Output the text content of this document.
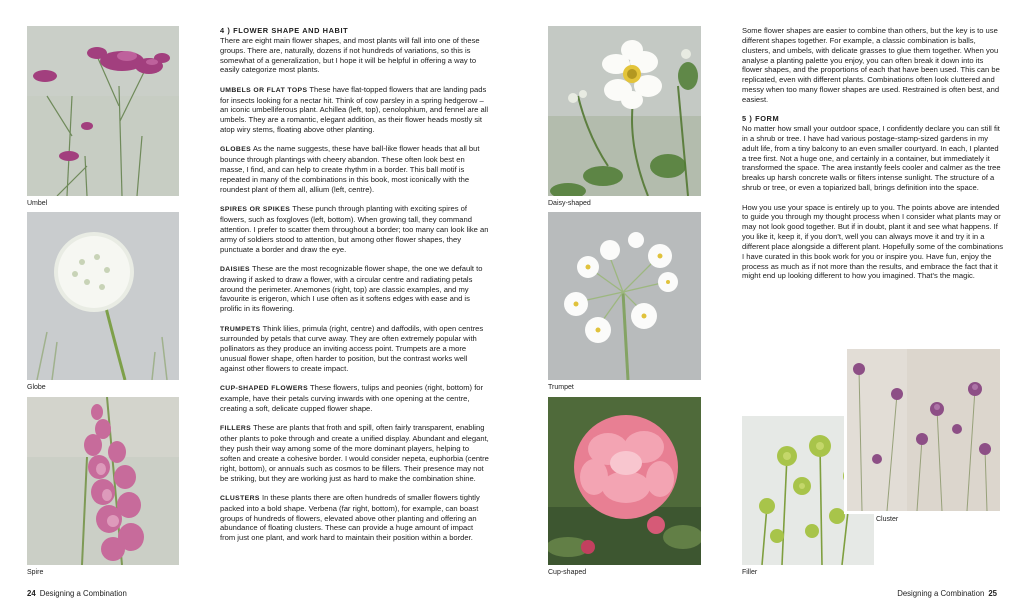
Umbel
Globe
Spire

4 ) FLOWER SHAPE AND HABIT
There are eight main flower shapes, and most plants will fall into one of these groups. There are, naturally, dozens if not hundreds of variations, so this is somewhat of a generalization, but I hope it will be helpful in offering a way to easily categorize most plants.

UMBELS OR FLAT TOPS These have flat-topped flowers that are landing pads for insects looking for a nectar hit. Think of cow parsley in a spring hedgerow – an iconic umbelliferous plant. Achillea (left, top), cenolophium, and fennel are all umbels. They are a romantic, elegant addition, as their flower heads mostly sit atop wiry stems, floating above other planting.

GLOBES As the name suggests, these have ball-like flower heads that all but bounce through plantings with cheery abandon. These often look best en masse, I find, and can help to create rhythm in a border. This ball motif is repeated in many of the combinations in this book, most iconically with the roundest plant of them all, allium (left, centre).

SPIRES OR SPIKES These punch through planting with exciting spires of flowers, such as foxgloves (left, bottom). When growing tall, they command attention. I prefer to scatter them throughout a border; too many can look like an army of soldiers stood to attention, but among other flower shapes, they punctuate a border and draw the eye.

DAISIES These are the most recognizable flower shape, the one we default to drawing if asked to draw a flower, with a circular centre and radiating petals around the perimeter. Anemones (right, top) are classic examples, and my favourite is erigeron, which I use often as it softens edges with ease and is prolific in its flowering.

TRUMPETS Think lilies, primula (right, centre) and daffodils, with open centres surrounded by petals that curve away. They are often extremely popular with pollinators as they produce an inviting access point. Trumpets are a more unusual flower shape, often harder to position, but the contrast works well against other flowers to create impact.

CUP-SHAPED FLOWERS These flowers, tulips and peonies (right, bottom) for example, have their petals curving inwards with one opening at the centre, creating a soft, delicate cupped flower shape.

FILLERS These are plants that froth and spill, often fairly transparent, enabling other plants to poke through and create a unified display. Abundant and elegant, they push their way among some of the more dominant players, helping to soften and create a cohesive border. I would consider nepeta, euphorbia (centre right, bottom), or annuals such as cosmos to be fillers. Their presence may not be striking, but they are working just as hard to make the combination shine.

CLUSTERS In these plants there are often hundreds of smaller flowers tightly packed into a bold shape. Verbena (far right, bottom), for example, can boast groups of hundreds of flowers, elevated above other planting and offering an abundance of floating clusters. These can provide a huge amount of impact from just one plant, and work hard to maintain their position within a border.

24 Designing a Combination
Daisy-shaped
Trumpet
Cup-shaped

Some flower shapes are easier to combine than others, but the key is to use different shapes together. For example, a classic combination is balls, clusters, and umbels, with delicate grasses to glue them together. When you analyse a planting palette you enjoy, you can often break it down into its flower shapes, and the proportions of each that have been used. This can be replicated, even with different plants. Combinations often look cluttered and messy when too many flower shapes are used. Restrained is often best, and easiest.

5 ) FORM
No matter how small your outdoor space, I confidently declare you can still fit in a shrub or tree. I have had various postage-stamp-sized gardens in my adult life, from a tiny balcony to an even smaller courtyard. In each, I planted a tree first. Not a huge one, and certainly in a container, but immediately it transformed the space. The area instantly feels cooler and calmer as the tree breaks up harsh concrete walls or filters intense sunlight. The structure of a shrub or tree, or even a topiarized ball, brings definition into the space.

How you use your space is entirely up to you. The points above are intended to guide you through my thought process when I consider what plants may or may not look good together. But if in doubt, plant it and see what happens. If you like it, keep it, if you don't, well you can always move it and try it in a different place alongside a different plant. Hopefully some of the combinations I have curated in this book work for you or inspire you. Have fun, enjoy the process as much as if not more than the results, and embrace the fact that it might end up looking different to how you imagined. That's the magic.

Filler
Cluster
Designing a Combination 25
